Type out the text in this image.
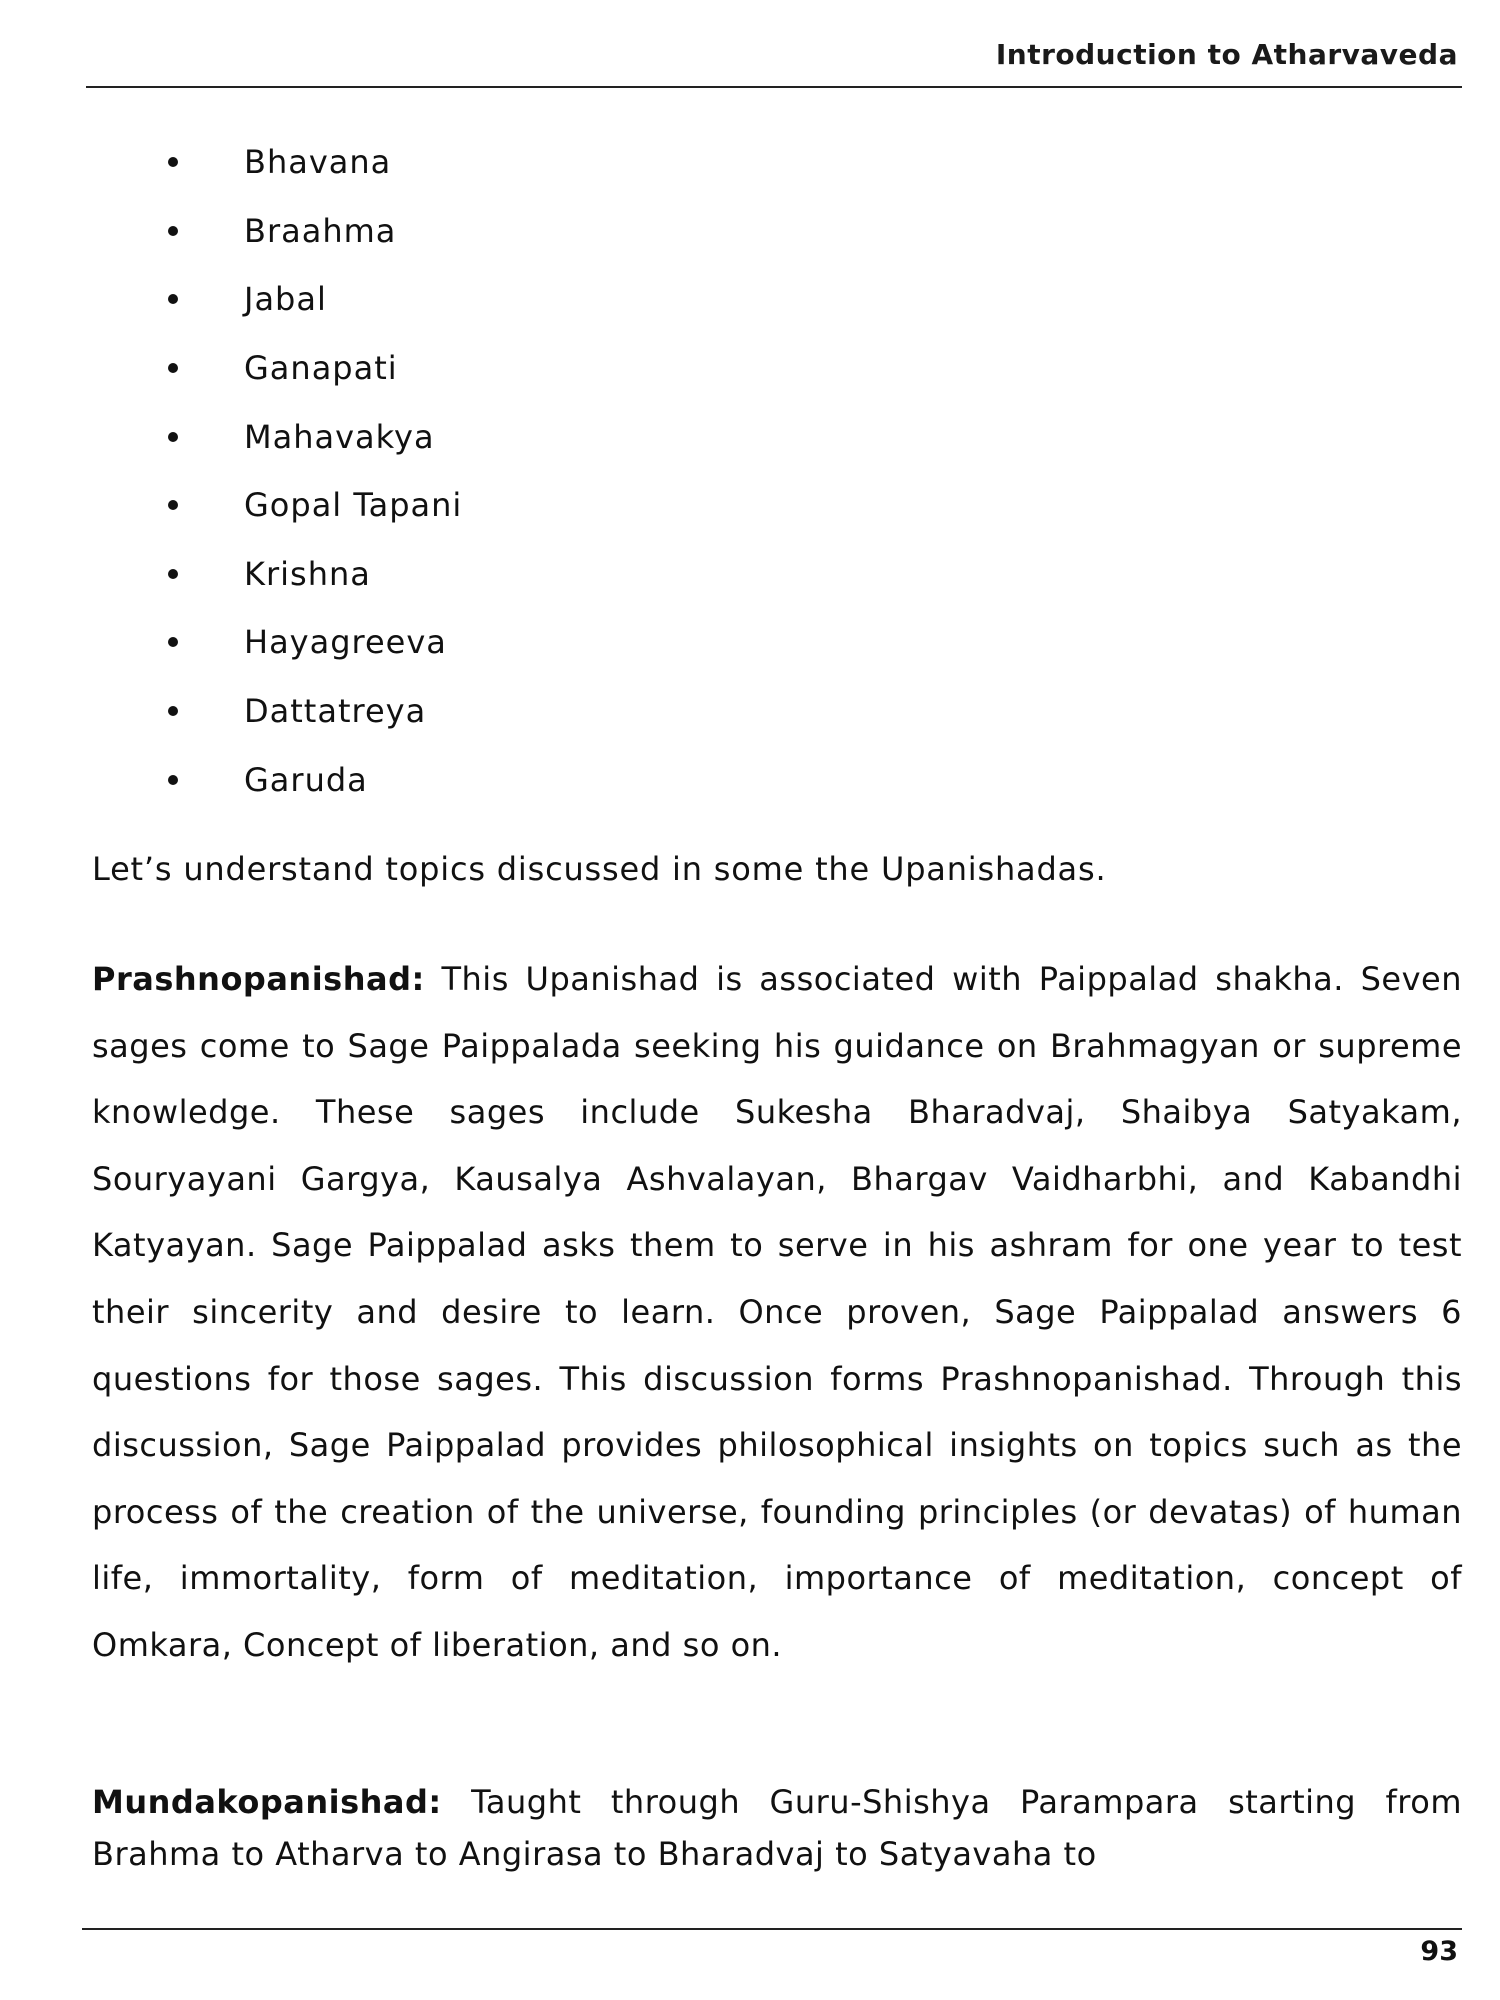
Introduction to Atharvaveda
Bhavana
Braahma
Jabal
Ganapati
Mahavakya
Gopal Tapani
Krishna
Hayagreeva
Dattatreya
Garuda
Let’s understand topics discussed in some the Upanishadas.

Prashnopanishad: This Upanishad is associated with Paippalad shakha. Seven sages come to Sage Paippalada seeking his guidance on Brahmagyan or supreme knowledge. These sages include Sukesha Bharadvaj, Shaibya Satyakam, Souryayani Gargya, Kausalya Ashvalayan, Bhargav Vaidharbhi, and Kabandhi Katyayan. Sage Paippalad asks them to serve in his ashram for one year to test their sincerity and desire to learn. Once proven, Sage Paippalad answers 6 questions for those sages. This discussion forms Prashnopanishad. Through this discussion, Sage Paippalad provides philosophical insights on topics such as the process of the creation of the universe, founding principles (or devatas) of human life, immortality, form of meditation, importance of meditation, concept of Omkara, Concept of liberation, and so on.

Mundakopanishad: Taught through Guru-Shishya Parampara starting from Brahma to Atharva to Angirasa to Bharadvaj to Satyavaha to

93
